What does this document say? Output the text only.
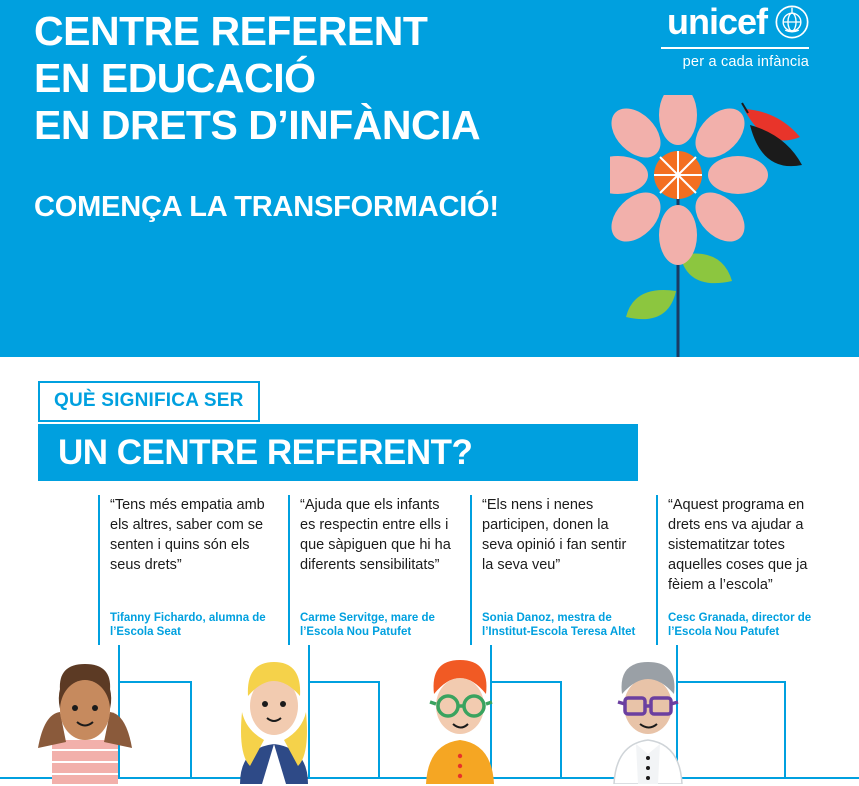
CENTRE REFERENT
EN EDUCACIÓ
EN DRETS D’INFÀNCIA
COMENÇA LA TRANSFORMACIÓ!
unicef
per a cada infància
QUÈ SIGNIFICA SER
UN CENTRE REFERENT?
“Tens més empatia amb els altres, saber com se senten i quins són els seus drets”
Tifanny Fichardo, alumna de l’Escola Seat
“Ajuda que els infants es respectin entre ells i que sàpiguen que hi ha diferents sensibilitats”
Carme Servitge, mare de l’Escola Nou Patufet
“Els nens i nenes participen, donen la seva opinió i fan sentir la seva veu”
Sonia Danoz, mestra de l’Institut-Escola Teresa Altet
“Aquest programa en drets ens va ajudar a sistematitzar totes aquelles coses que ja fèiem a l’escola”
Cesc Granada, director de l’Escola Nou Patufet
